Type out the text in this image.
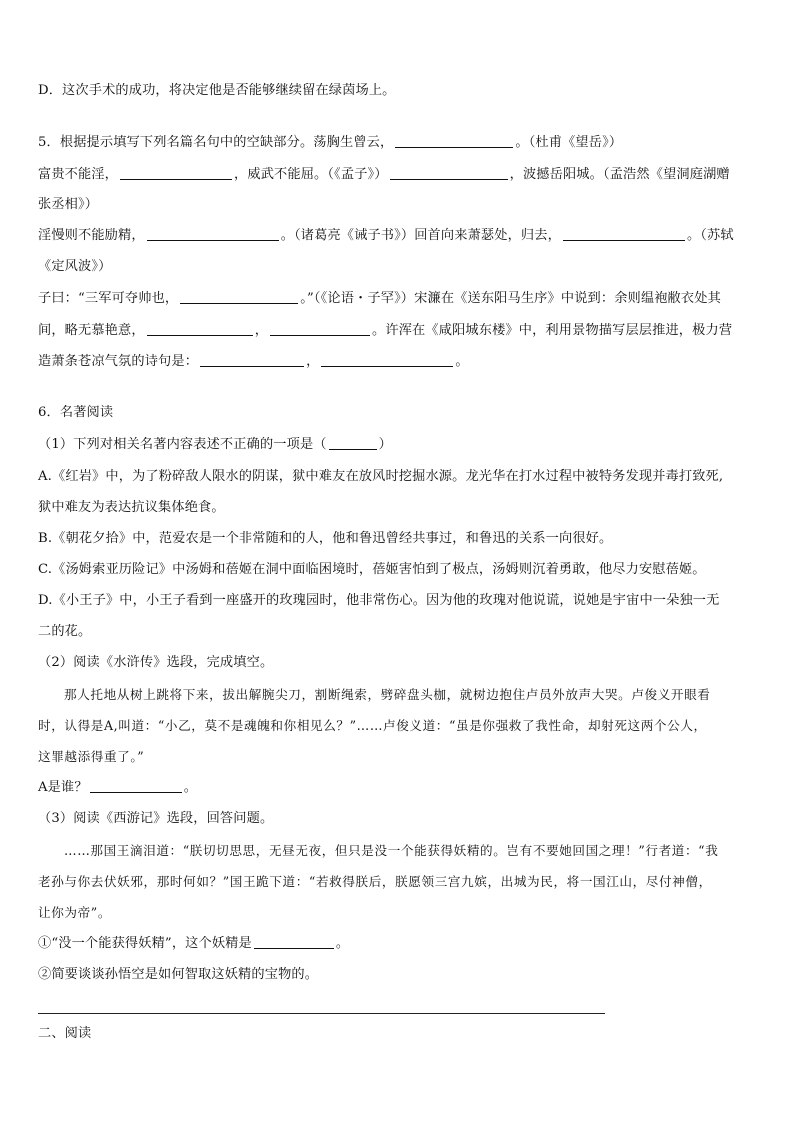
D．这次手术的成功，将决定他是否能够继续留在绿茵场上。
5．根据提示填写下列名篇名句中的空缺部分。荡胸生曾云，	。（杜甫《望岳》）
富贵不能淫，	，威武不能屈。（《孟子》）	，波撼岳阳城。（孟浩然《望洞庭湖赠
张丞相》）
淫慢则不能励精，	。（诸葛亮《诫子书》）回首向来萧瑟处，归去，	。（苏轼
《定风波》）
子曰：“三军可夺帅也，	。”（《论语・子罕》）宋濂在《送东阳马生序》中说到：余则缊袍敝衣处其
间，略无慕艳意，	，	。许浑在《咸阳城东楼》中，利用景物描写层层推进，极力营
造萧条苍凉气氛的诗句是：	，	。
6．名著阅读
（1）下列对相关名著内容表述不正确的一项是（	）
A.《红岩》中，为了粉碎敌人限水的阴谋，狱中难友在放风时挖掘水源。龙光华在打水过程中被特务发现并毒打致死,
狱中难友为表达抗议集体绝食。
B.《朝花夕拾》中，范爱农是一个非常随和的人，他和鲁迅曾经共事过，和鲁迅的关系一向很好。
C.《汤姆索亚历险记》中汤姆和蓓姬在洞中面临困境时，蓓姬害怕到了极点，汤姆则沉着勇敢，他尽力安慰蓓姬。
D.《小王子》中，小王子看到一座盛开的玫瑰园时，他非常伤心。因为他的玫瑰对他说谎，说她是宇宙中一朵独一无
二的花。
（2）阅读《水浒传》选段，完成填空。
那人托地从树上跳将下来，拔出解腕尖刀，割断绳索，劈碎盘头枷，就树边抱住卢员外放声大哭。卢俊义开眼看
时，认得是A,叫道：“小乙，莫不是魂魄和你相见么？”……卢俊义道：“虽是你强救了我性命，却射死这两个公人，
这罪越添得重了。”
A是谁？	。
（3）阅读《西游记》选段，回答问题。
……那国王滴泪道：“朕切切思思，无昼无夜，但只是没一个能获得妖精的。岂有不要她回国之理！”行者道：“我
老孙与你去伏妖邪，那时何如？”国王跪下道：“若救得朕后，朕愿领三宫九嫔，出城为民，将一国江山，尽付神僧，
让你为帝”。
①“没一个能获得妖精”，这个妖精是	。
②简要谈谈孙悟空是如何智取这妖精的宝物的。
二、阅读
